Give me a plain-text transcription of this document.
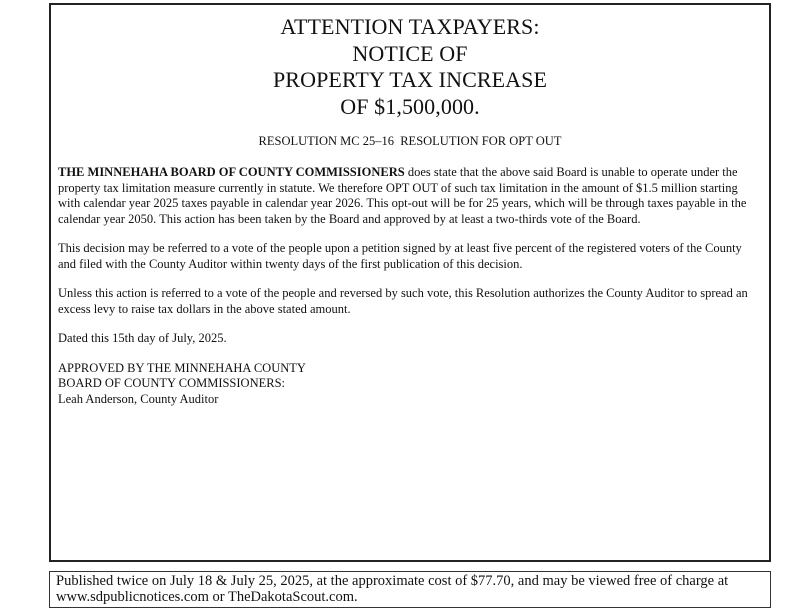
ATTENTION TAXPAYERS:
NOTICE OF
PROPERTY TAX INCREASE
OF $1,500,000.
RESOLUTION MC 25–16  RESOLUTION FOR OPT OUT

THE MINNEHAHA BOARD OF COUNTY COMMISSIONERS does state that the above said Board is unable to operate under the property tax limitation measure currently in statute. We therefore OPT OUT of such tax limitation in the amount of $1.5 million starting with calendar year 2025 taxes payable in calendar year 2026. This opt-out will be for 25 years, which will be through taxes payable in the calendar year 2050. This action has been taken by the Board and approved by at least a two-thirds vote of the Board.

This decision may be referred to a vote of the people upon a petition signed by at least five percent of the registered voters of the County and filed with the County Auditor within twenty days of the first publication of this decision.

Unless this action is referred to a vote of the people and reversed by such vote, this Resolution authorizes the County Auditor to spread an excess levy to raise tax dollars in the above stated amount.

Dated this 15th day of July, 2025.

APPROVED BY THE MINNEHAHA COUNTY
BOARD OF COUNTY COMMISSIONERS:
Leah Anderson, County Auditor

Published twice on July 18 & July 25, 2025, at the approximate cost of $77.70, and may be viewed free of charge at www.sdpublicnotices.com or TheDakotaScout.com.
